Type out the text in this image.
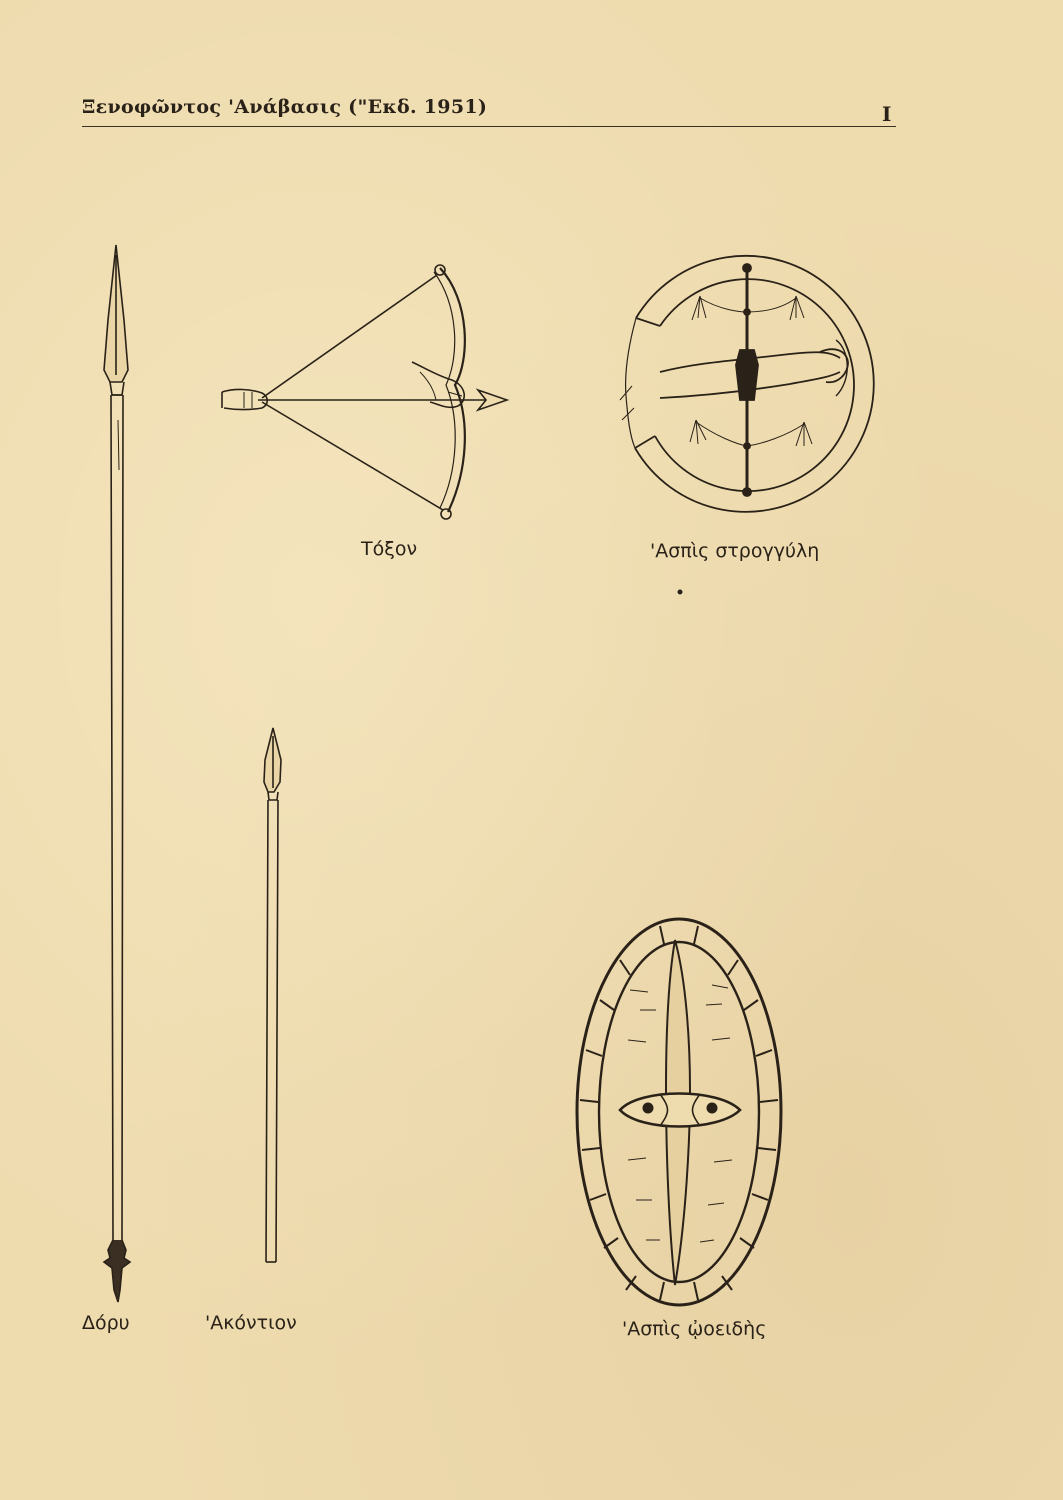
Ξενοφῶντος 'Ανάβασις ("Εκδ. 1951)	I
Τόξον	'Ασπὶς στρογγύλη
Δόρυ	'Ακόντιον	'Ασπὶς ᾠοειδὴς
